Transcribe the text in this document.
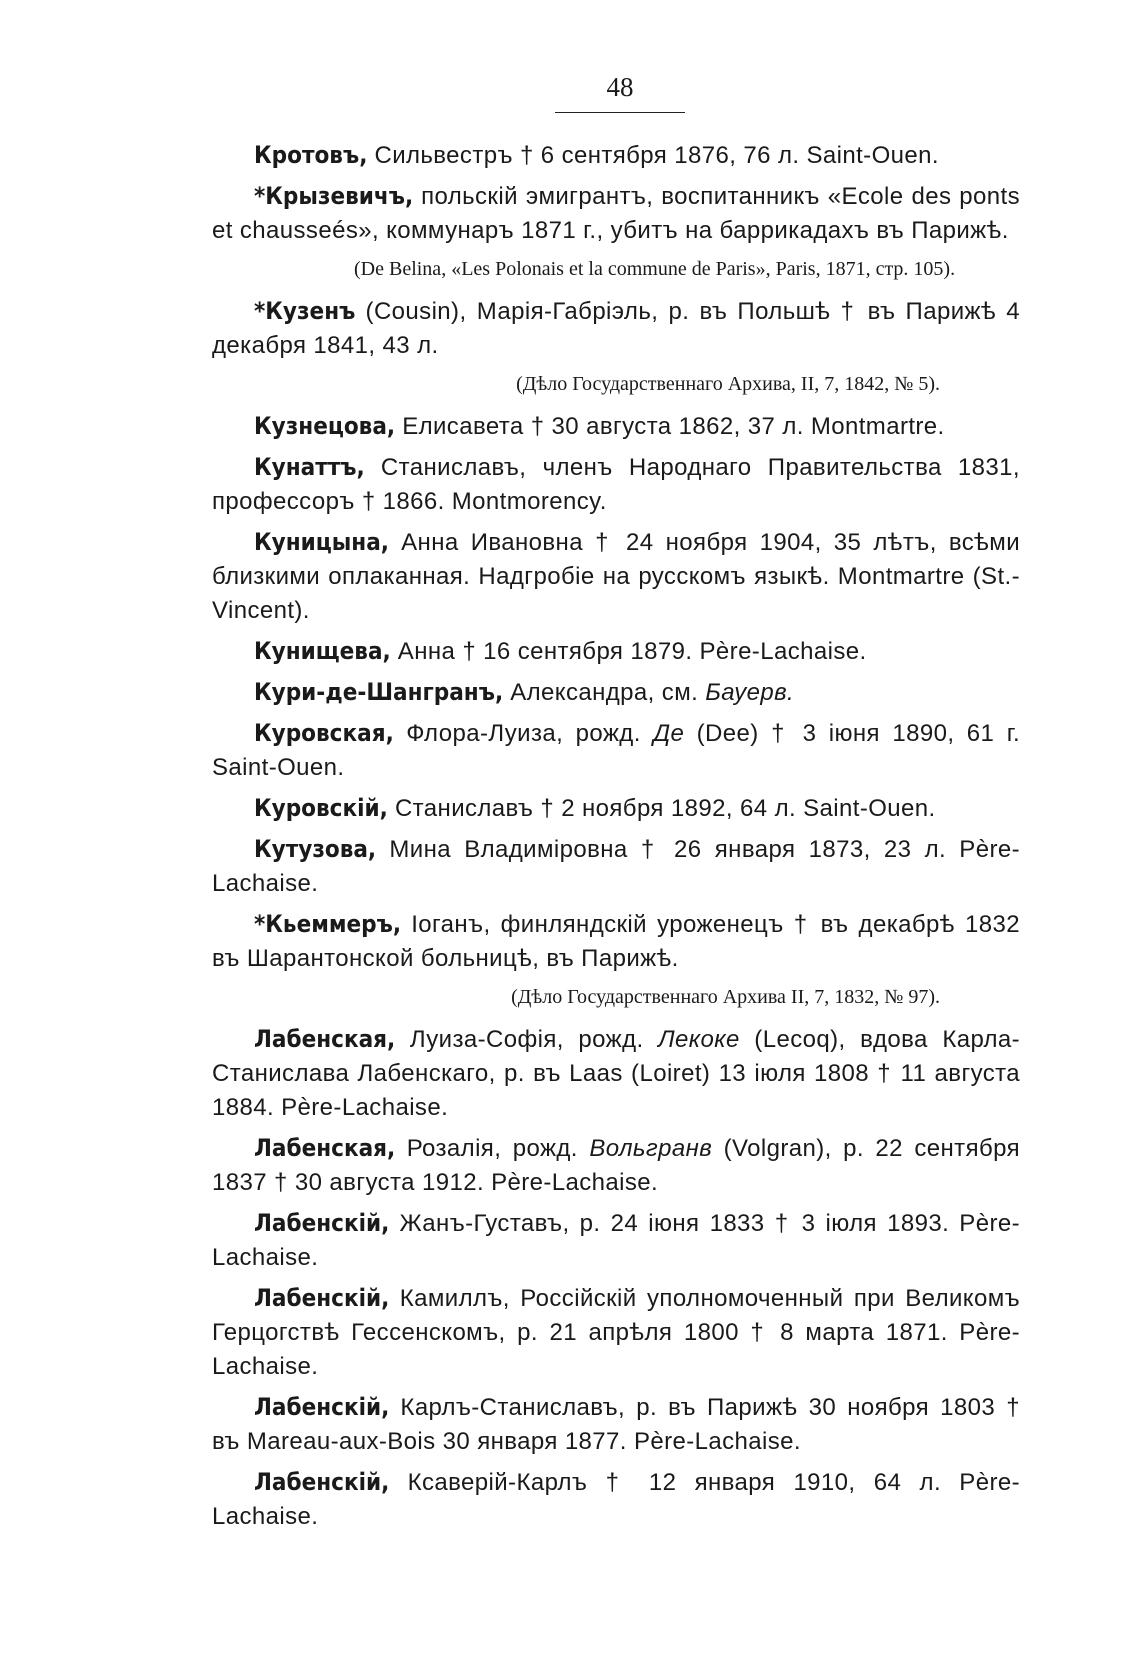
48

Кротовъ, Сильвестръ † 6 сентября 1876, 76 л. Saint-Ouen.

*Крызевичъ, польскій эмигрантъ, воспитанникъ «Ecole des ponts et chausseés», коммунаръ 1871 г., убитъ на баррикадахъ въ Парижѣ.

(De Belina, «Les Polonais et la commune de Paris», Paris, 1871, стр. 105).

*Кузенъ (Cousin), Марія-Габріэль, р. въ Польшѣ † въ Парижѣ 4 декабря 1841, 43 л.

(Дѣло Государственнаго Архива, II, 7, 1842, № 5).

Кузнецова, Елисавета † 30 августа 1862, 37 л. Montmartre.

Кунаттъ, Станиславъ, членъ Народнаго Правительства 1831, профессоръ † 1866. Montmorency.

Куницына, Анна Ивановна † 24 ноября 1904, 35 лѣтъ, всѣми близкими оплаканная. Надгробіе на русскомъ языкѣ. Montmartre (St.-Vincent).

Кунищева, Анна † 16 сентября 1879. Père-Lachaise.

Кури-де-Шангранъ, Александра, см. Бауерв.

Куровская, Флора-Луиза, рожд. Де (Dee) † 3 іюня 1890, 61 г. Saint-Ouen.

Куровскій, Станиславъ † 2 ноября 1892, 64 л. Saint-Ouen.

Кутузова, Мина Владиміровна † 26 января 1873, 23 л. Père-Lachaise.

*Кьеммеръ, Іоганъ, финляндскій уроженецъ † въ декабрѣ 1832 въ Шарантонской больницѣ, въ Парижѣ.

(Дѣло Государственнаго Архива II, 7, 1832, № 97).

Лабенская, Луиза-Софія, рожд. Лекоке (Lecoq), вдова Карла-Станислава Лабенскаго, р. въ Laas (Loiret) 13 іюля 1808 † 11 августа 1884. Père-Lachaise.

Лабенская, Розалія, рожд. Вольгранв (Volgran), р. 22 сентября 1837 † 30 августа 1912. Père-Lachaise.

Лабенскій, Жанъ-Густавъ, р. 24 іюня 1833 † 3 іюля 1893. Père-Lachaise.

Лабенскій, Камиллъ, Россійскій уполномоченный при Великомъ Герцогствѣ Гессенскомъ, р. 21 апрѣля 1800 † 8 марта 1871. Père-Lachaise.

Лабенскій, Карлъ-Станиславъ, р. въ Парижѣ 30 ноября 1803 † въ Mareau-aux-Bois 30 января 1877. Père-Lachaise.

Лабенскій, Ксаверій-Карлъ † 12 января 1910, 64 л. Père-Lachaise.
